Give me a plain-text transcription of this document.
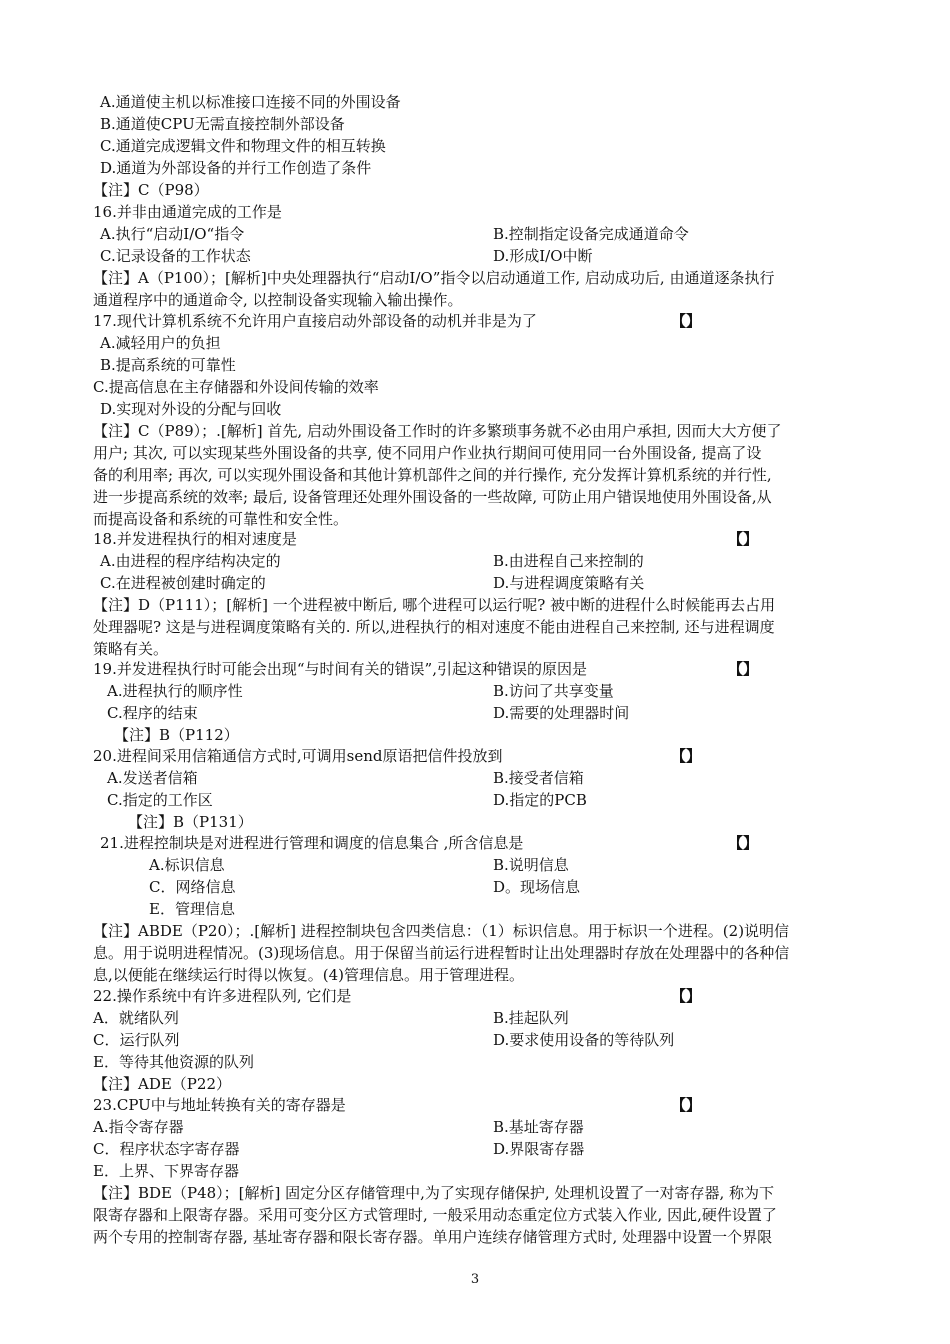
A.通道使主机以标准接口连接不同的外围设备
B.通道使CPU无需直接控制外部设备
C.通道完成逻辑文件和物理文件的相互转换
D.通道为外部设备的并行工作创造了条件
【注】C（P98）
16.并非由通道完成的工作是
A.执行“启动I/O“指令	B.控制指定设备完成通道命令
C.记录设备的工作状态	D.形成I/O中断
【注】A（P100）；[解析]中央处理器执行“启动I/O”指令以启动通道工作, 启动成功后, 由通道逐条执行
通道程序中的通道命令, 以控制设备实现输入输出操作。
17.现代计算机系统不允许用户直接启动外部设备的动机并非是为了	【】
A.减轻用户的负担
B.提高系统的可靠性
C.提高信息在主存储器和外设间传输的效率
D.实现对外设的分配与回收
【注】C（P89）；.[解析] 首先, 启动外围设备工作时的许多繁琐事务就不必由用户承担, 因而大大方便了
用户; 其次, 可以实现某些外围设备的共享, 使不同用户作业执行期间可使用同一台外围设备, 提高了设
备的利用率; 再次, 可以实现外围设备和其他计算机部件之间的并行操作, 充分发挥计算机系统的并行性,
进一步提高系统的效率; 最后, 设备管理还处理外围设备的一些故障, 可防止用户错误地使用外围设备,从
而提高设备和系统的可靠性和安全性。
18.并发进程执行的相对速度是	【】
A.由进程的程序结构决定的	B.由进程自己来控制的
C.在进程被创建时确定的	D.与进程调度策略有关
【注】D（P111）；[解析] 一个进程被中断后, 哪个进程可以运行呢? 被中断的进程什么时候能再去占用
处理器呢? 这是与进程调度策略有关的. 所以,进程执行的相对速度不能由进程自己来控制, 还与进程调度
策略有关。
19.并发进程执行时可能会出现“与时间有关的错误”,引起这种错误的原因是	【】
A.进程执行的顺序性	B.访问了共享变量
C.程序的结束	D.需要的处理器时间
【注】B（P112）
20.进程间采用信箱通信方式时,可调用send原语把信件投放到	【】
A.发送者信箱	B.接受者信箱
C.指定的工作区	D.指定的PCB
【注】B（P131）
21.进程控制块是对进程进行管理和调度的信息集合 ,所含信息是	【】
A.标识信息	B.说明信息
C．网络信息	D。现场信息
E．管理信息
【注】ABDE（P20）；.[解析] 进程控制块包含四类信息：（1）标识信息。用于标识一个进程。(2)说明信
息。用于说明进程情况。(3)现场信息。用于保留当前运行进程暂时让出处理器时存放在处理器中的各种信
息,以便能在继续运行时得以恢复。(4)管理信息。用于管理进程。
22.操作系统中有许多进程队列, 它们是	【】
A．就绪队列	B.挂起队列
C．运行队列	D.要求使用设备的等待队列
E．等待其他资源的队列
【注】ADE（P22）
23.CPU中与地址转换有关的寄存器是	【】
A.指令寄存器	B.基址寄存器
C．程序状态字寄存器	D.界限寄存器
E．上界、下界寄存器
【注】BDE（P48）；[解析] 固定分区存储管理中,为了实现存储保护, 处理机设置了一对寄存器, 称为下
限寄存器和上限寄存器。采用可变分区方式管理时, 一般采用动态重定位方式装入作业, 因此,硬件设置了
两个专用的控制寄存器, 基址寄存器和限长寄存器。单用户连续存储管理方式时, 处理器中设置一个界限
3
